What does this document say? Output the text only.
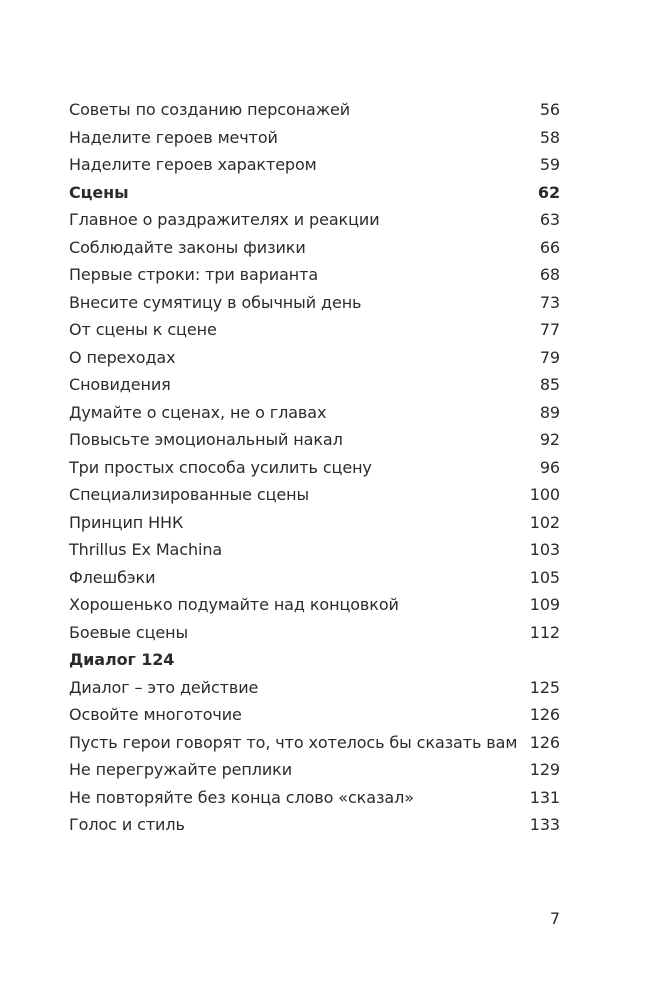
Советы по созданию персонажей	56
Наделите героев мечтой	58
Наделите героев характером	59
Сцены	62
Главное о раздражителях и реакции	63
Соблюдайте законы физики	66
Первые строки: три варианта	68
Внесите сумятицу в обычный день	73
От сцены к сцене	77
О переходах	79
Сновидения	85
Думайте о сценах, не о главах	89
Повысьте эмоциональный накал	92
Три простых способа усилить сцену	96
Специализированные сцены	100
Принцип ННК	102
Thrillus Ex Machina	103
Флешбэки	105
Хорошенько подумайте над концовкой	109
Боевые сцены	112
Диалог 124
Диалог – это действие	125
Освойте многоточие	126
Пусть герои говорят то, что хотелось бы сказать вам 126
Не перегружайте реплики	129
Не повторяйте без конца слово «сказал»	131
Голос и стиль	133
7
